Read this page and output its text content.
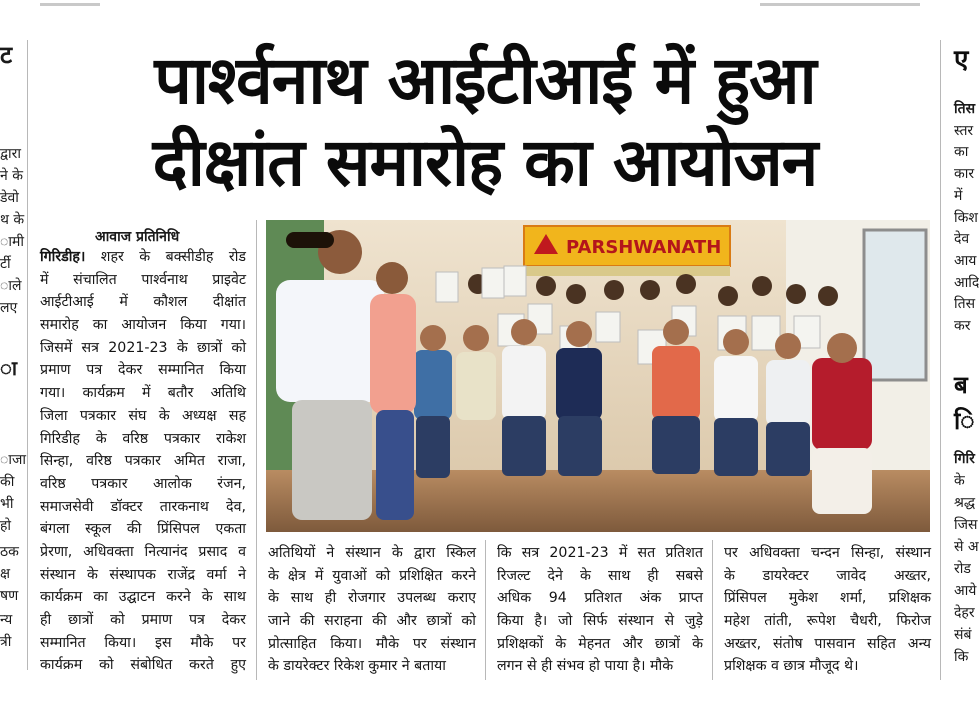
ट
द्वारा
ने के
डेवो
थ के
ामी
र्टी
ाले
लए
ा
ाजा
की
भी
हो
ठक
क्ष
षण
न्य
त्री
पार्श्वनाथ आईटीआई में हुआ
दीक्षांत समारोह का आयोजन
आवाज प्रतिनिधि
गिरिडीह। शहर के बक्सीडीह रोड
में संचालित पार्श्वनाथ प्राइवेट
आईटीआई में कौशल दीक्षांत
समारोह का आयोजन किया गया।
जिसमें सत्र 2021-23 के छात्रों को
प्रमाण पत्र देकर सम्मानित किया
गया। कार्यक्रम में बतौर अतिथि
जिला पत्रकार संघ के अध्यक्ष सह
गिरिडीह के वरिष्ठ पत्रकार राकेश
सिन्हा, वरिष्ठ पत्रकार अमित राजा,
वरिष्ठ पत्रकार आलोक रंजन,
समाजसेवी डॉक्टर तारकनाथ देव,
बंगला स्कूल की प्रिंसिपल एकता
प्रेरणा, अधिवक्ता नित्यानंद प्रसाद व
संस्थान के संस्थापक राजेंद्र वर्मा ने
कार्यक्रम का उद्घाटन करने के साथ
ही छात्रों को प्रमाण पत्र देकर
सम्मानित किया। इस मौके पर
कार्यक्रम को संबोधित करते हुए
PARSHWANATH
अतिथियों ने संस्थान के द्वारा स्किल
के क्षेत्र में युवाओं को प्रशिक्षित करने
के साथ ही रोजगार उपलब्ध कराए
जाने की सराहना की और छात्रों को
प्रोत्साहित किया। मौके पर संस्थान
के डायरेक्टर रिकेश कुमार ने बताया
कि सत्र 2021-23 में सत प्रतिशत
रिजल्ट देने के साथ ही सबसे
अधिक 94 प्रतिशत अंक प्राप्त
किया है। जो सिर्फ संस्थान से जुड़े
प्रशिक्षकों के मेहनत और छात्रों के
लगन से ही संभव हो पाया है। मौके
पर अधिवक्ता चन्दन सिन्हा, संस्थान
के डायरेक्टर जावेद अख्तर,
प्रिंसिपल मुकेश शर्मा, प्रशिक्षक
महेश तांती, रूपेश चैधरी, फिरोज
अख्तर, संतोष पासवान सहित अन्य
प्रशिक्षक व छात्र मौजूद थे।
ए
तिस
स्तर
का
कार
में
किश
देव
आय
आदि
तिस
कर
ब
ि
गिरि
के
श्रद्ध
जिस
से अ
रोड
आये
देहर
संबं
कि
